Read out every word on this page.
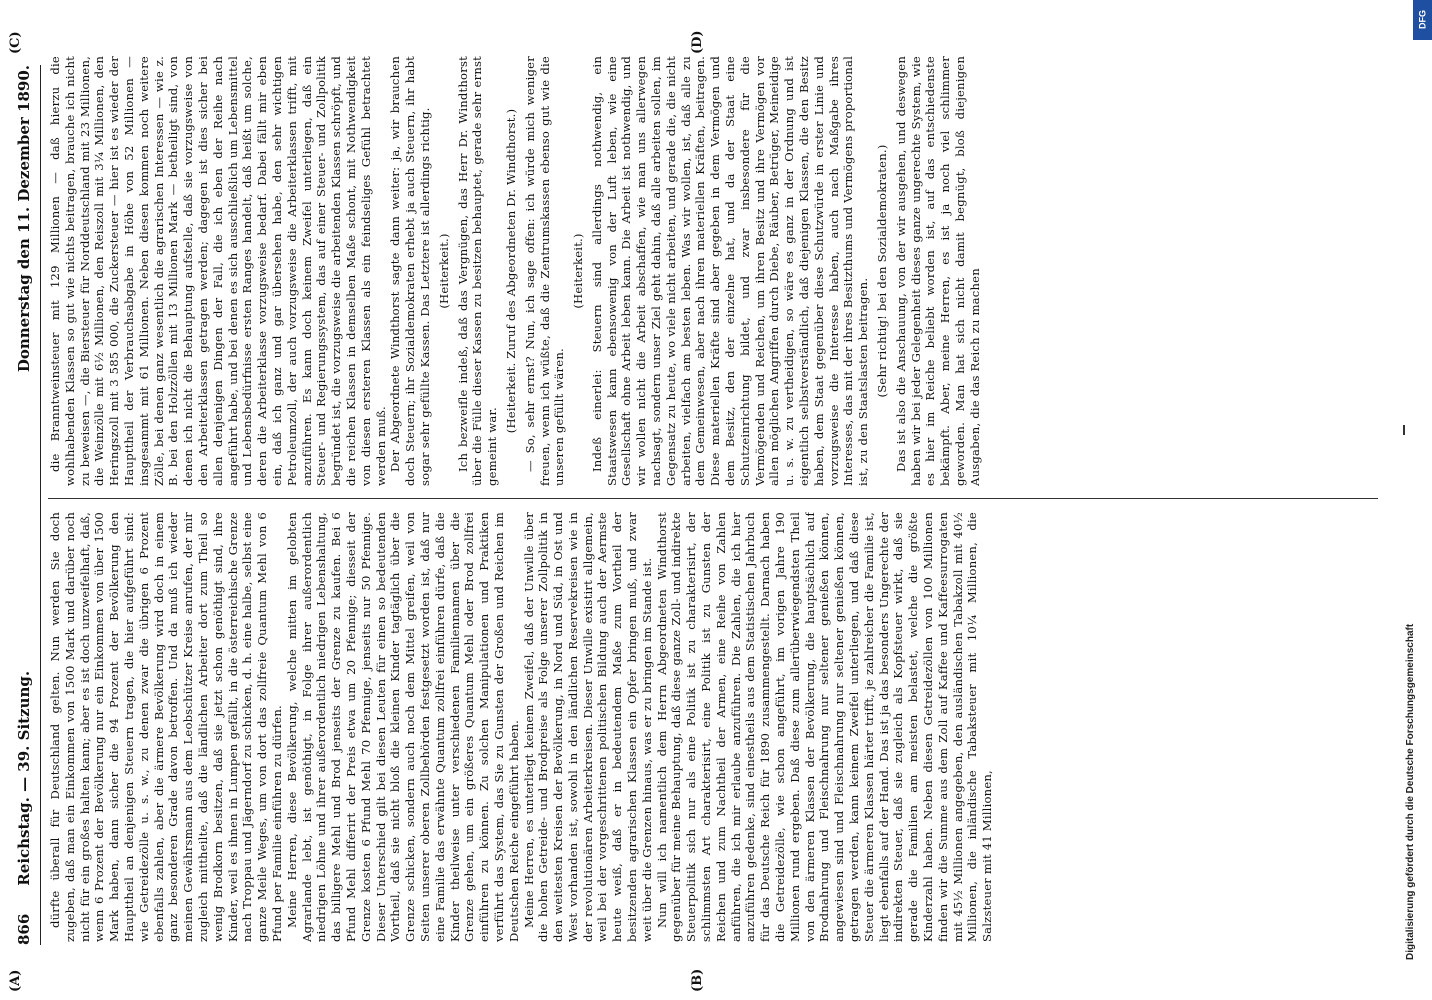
866
Reichstag. — 39. Sitzung.
Donnerstag den 11. Dezember 1890.
(A)	(B)
(C)	(D)

dürfte überall für Deutschland gelten. Nun werden Sie doch zugeben, daß man ein Einkommen von 1500 Mark und darüber noch nicht für ein großes halten kann; aber es ist doch unzweifelhaft, daß, wenn 6 Prozent der Bevölkerung nur ein Einkommen von über 1500 Mark haben, dann sicher die 94 Prozent der Bevölkerung den Haupttheil an denjenigen Steuern tragen, die hier aufgeführt sind: wie Getreidezölle u. s. w., zu denen zwar die übrigen 6 Prozent ebenfalls zahlen, aber die ärmere Bevölkerung wird doch in einem ganz besonderen Grade davon betroffen. Und da muß ich wieder meinen Gewährsmann aus dem Leobschützer Kreise anrufen, der mir zugleich mittheilte, daß die ländlichen Arbeiter dort zum Theil so wenig Brodkorn besitzen, daß sie jetzt schon genöthigt sind, ihre Kinder, weil es ihnen in Lumpen gefällt, in die österreichische Grenze nach Troppau und Jägerndorf zu schicken, d. h. eine halbe, selbst eine ganze Meile Weges, um von dort das zollfreie Quantum Mehl von 6 Pfund per Familie einführen zu dürfen. Meine Herren, diese Bevölkerung, welche mitten im gelobten Agrarlande lebt, ist genöthigt, in Folge ihrer außerordentlich niedrigen Löhne und ihrer außerordentlich niedrigen Lebenshaltung, das billigere Mehl und Brod jenseits der Grenze zu kaufen. Bei 6 Pfund Mehl differirt der Preis etwa um 20 Pfennige; diesseit der Grenze kosten 6 Pfund Mehl 70 Pfennige, jenseits nur 50 Pfennige. Dieser Unterschied gilt bei diesen Leuten für einen so bedeutenden Vortheil, daß sie nicht bloß die kleinen Kinder tagtäglich über die Grenze schicken, sondern auch noch dem Mittel greifen, weil von Seiten unserer oberen Zollbehörden festgesetzt worden ist, daß nur eine Familie das erwähnte Quantum zollfrei einführen dürfe, daß die Kinder theilweise unter verschiedenen Familiennamen über die Grenze gehen, um ein größeres Quantum Mehl oder Brod zollfrei einführen zu können. Zu solchen Manipulationen und Praktiken verführt das System, das Sie zu Gunsten der Großen und Reichen im Deutschen Reiche eingeführt haben. Meine Herren, es unterliegt keinem Zweifel, daß der Unwille über die hohen Getreide- und Brodpreise als Folge unserer Zollpolitik in den weitesten Kreisen der Bevölkerung, in Nord und Süd, in Ost und West vorhanden ist, sowohl in den ländlichen Reservekreisen wie in der revolutionären Arbeiterkreisen. Dieser Unwille existirt allgemein, weil bei der vorgeschrittenen politischen Bildung auch der Aermste heute weiß, daß er in bedeutendem Maße zum Vortheil der besitzenden agrarischen Klassen ein Opfer bringen muß, und zwar weit über die Grenzen hinaus, was er zu bringen im Stande ist. Nun will ich namentlich dem Herrn Abgeordneten Windthorst gegenüber für meine Behauptung, daß diese ganze Zoll- und indirekte Steuerpolitik sich nur als eine Politik ist zu charakterisirt, der schlimmsten Art charakterisirt, eine Politik ist zu Gunsten der Reichen und zum Nachtheil der Armen, eine Reihe von Zahlen anführen, die ich mir erlaube anzuführen. Die Zahlen, die ich hier anzuführen gedenke, sind einestheils aus dem Statistischen Jahrbuch für das Deutsche Reich für 1890 zusammengestellt. Darnach haben die Getreidezölle, wie schon angeführt, im vorigen Jahre 190 Millionen rund ergeben. Daß diese zum allerüberwiegendsten Theil von den ärmeren Klassen der Bevölkerung, die hauptsächlich auf Brodnahrung und Fleischnahrung nur seltener genießen können, angewiesen sind und Fleischnahrung nur seltener genießen können, getragen werden, kann keinem Zweifel unterliegen, und daß diese Steuer die ärmeren Klassen härter trifft, je zahlreicher die Familie ist, liegt ebenfalls auf der Hand. Das ist ja das besonders Ungerechte der indirekten Steuer, daß sie zugleich als Kopfsteuer wirkt, daß sie gerade die Familien am meisten belastet, welche die größte Kinderzahl haben. Neben diesen Getreidezöllen von 100 Millionen finden wir die Summe aus dem Zoll auf Kaffee und Kaffeesurrogaten mit 45½ Millionen angegeben, den ausländischen Tabakzoll mit 40½ Millionen, die inländische Tabaksteuer mit 10¼ Millionen, die Salzsteuer mit 41 Millionen,

die Branntweinsteuer mit 129 Millionen — daß hierzu die wohlhabenden Klassen so gut wie nichts beitragen, brauche ich nicht zu beweisen —, die Biersteuer für Norddeutschland mit 23 Millionen, die Weinzölle mit 6½ Millionen, den Reiszoll mit 3¼ Millionen, den Heringszoll mit 3 585 000, die Zuckersteuer — hier ist es wieder der Haupttheil der Verbrauchsabgabe in Höhe von 52 Millionen — insgesammt mit 61 Millionen. Neben diesen kommen noch weitere Zölle, bei denen ganz wesentlich die agrarischen Interessen — wie z. B. bei den Holzzöllen mit 13 Millionen Mark — betheiligt sind, von denen ich nicht die Behauptung aufstelle, daß sie vorzugsweise von den Arbeiterklassen getragen werden; dagegen ist dies sicher bei allen denjenigen Dingen der Fall, die ich eben der Reihe nach angeführt habe, und bei denen es sich ausschließlich um Lebensmittel und Lebensbedürfnisse ersten Ranges handelt, daß heißt um solche, deren die Arbeiterklasse vorzugsweise bedarf. Dabei fällt mir eben ein, daß ich ganz und gar übersehen habe, den sehr wichtigen Petroleumzoll, der auch vorzugsweise die Arbeiterklassen trifft, mit anzuführen. Es kann doch keinem Zweifel unterliegen, daß ein Steuer- und Regierungssystem, das auf einer Steuer- und Zollpolitik begründet ist, die vorzugsweise die arbeitenden Klassen schröpft, und die reichen Klassen in demselben Maße schont, mit Nothwendigkeit von diesen ersteren Klassen als ein feindseliges Gefühl betrachtet werden muß. Der Abgeordnete Windthorst sagte dann weiter: ja, wir brauchen doch Steuern; ihr Sozialdemokraten erhebt ja auch Steuern, ihr habt sogar sehr gefüllte Kassen. Das Letztere ist allerdings richtig. (Heiterkeit.) Ich bezweifle indeß, daß das Vergnügen, das Herr Dr. Windthorst über die Fülle dieser Kassen zu besitzen behauptet, gerade sehr ernst gemeint war.

(Heiterkeit. Zuruf des Abgeordneten Dr. Windthorst.) — So, sehr ernst? Nun, ich sage offen: ich würde mich weniger freuen, wenn ich wüßte, daß die Zentrumskassen ebenso gut wie die unseren gefüllt wären.

(Heiterkeit.) Indeß einerlei: Steuern sind allerdings nothwendig, ein Staatswesen kann ebensowenig von der Luft leben, wie eine Gesellschaft ohne Arbeit leben kann. Die Arbeit ist nothwendig, und wir wollen nicht die Arbeit abschaffen, wie man uns allerwegen nachsagt, sondern unser Ziel geht dahin, daß alle arbeiten sollen, im Gegensatz zu heute, wo viele nicht arbeiten, und gerade die, die nicht arbeiten, vielfach am besten leben. Was wir wollen, ist, daß alle zu dem Gemeinwesen, aber nach ihren materiellen Kräften, beitragen. Diese materiellen Kräfte sind aber gegeben in dem Vermögen und dem Besitz, den der einzelne hat, und da der Staat eine Schutzeinrichtung bildet, und zwar insbesondere für die Vermögenden und Reichen, um ihren Besitz und ihre Vermögen vor allen möglichen Angriffen durch Diebe, Räuber, Betrüger, Meineidige u. s. w. zu vertheidigen, so wäre es ganz in der Ordnung und ist eigentlich selbstverständlich, daß diejenigen Klassen, die den Besitz haben, dem Staat gegenüber diese Schutzwürde in erster Linie und vorzugsweise die Interesse haben, auch nach Maßgabe ihres Interesses, das mit der ihres Besitzthums und Vermögens proportional ist, zu den Staatslasten beitragen. (Sehr richtig! bei den Sozialdemokraten.) Das ist also die Anschauung, von der wir ausgehen, und deswegen haben wir bei jeder Gelegenheit dieses ganze ungerechte System, wie es hier im Reiche beliebt worden ist, auf das entschiedenste bekämpft. Aber, meine Herren, es ist ja noch viel schlimmer geworden. Man hat sich nicht damit begnügt, bloß diejenigen Ausgaben, die das Reich zu machen

Digitalisierung gefördert durch die Deutsche Forschungsgemeinschaft
DFG
